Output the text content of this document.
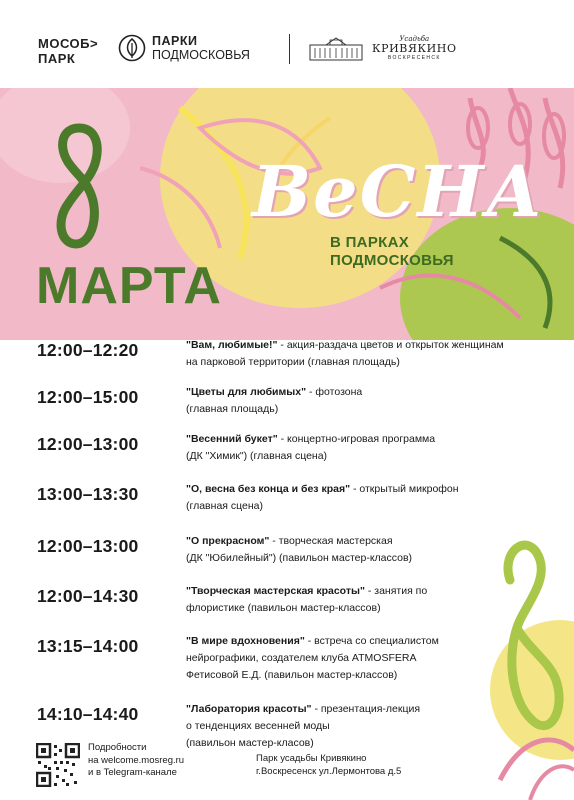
МОСОБ>
ПАРК
ПАРКИ
ПОДМОСКОВЬЯ
Усадьба
КРИВЯКИНО
ВОСКРЕСЕНСК
МАРТА
ВеСНА
В ПАРКАХ
ПОДМОСКОВЬЯ
12:00–12:20	"Вам, любимые!" - акция-раздача цветов и открыток женщинам
на парковой территории (главная площадь)
12:00–15:00	"Цветы для любимых" - фотозона
(главная площадь)
12:00–13:00	"Весенний букет" - концертно-игровая программа
(ДК "Химик") (главная сцена)
13:00–13:30	"О, весна без конца и без края" - открытый микрофон
(главная сцена)
12:00–13:00	"О прекрасном" - творческая мастерская
(ДК "Юбилейный") (павильон мастер-классов)
12:00–14:30	"Творческая мастерская красоты" - занятия по
флористике (павильон мастер-классов)
13:15–14:00	"В мире вдохновения" - встреча со специалистом
нейрографики, создателем клуба ATMOSFERA
Фетисовой Е.Д. (павильон мастер-классов)
14:10–14:40	"Лаборатория красоты" - презентация-лекция
о тенденциях весенней моды
(павильон мастер-класов)
Подробности
на welcome.mosreg.ru
и в Telegram-канале
Парк усадьбы Кривякино
г.Воскресенск ул.Лермонтова д.5
